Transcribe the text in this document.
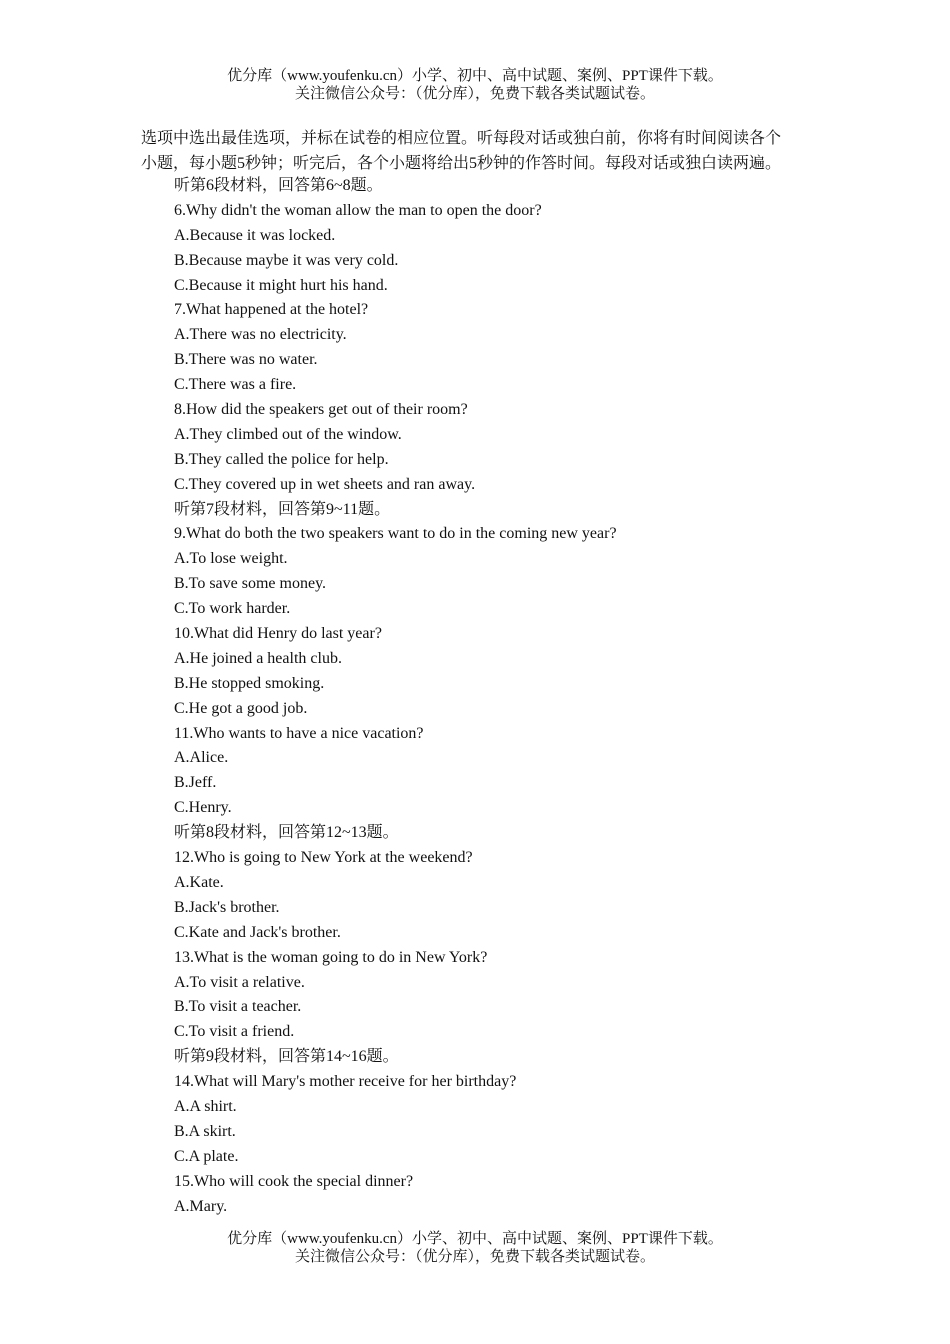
优分库（www.youfenku.cn）小学、初中、高中试题、案例、PPT课件下载。
关注微信公众号：（优分库），免费下载各类试题试卷。

选项中选出最佳选项，并标在试卷的相应位置。听每段对话或独白前，你将有时间阅读各个

小题，每小题5秒钟；听完后，各个小题将给出5秒钟的作答时间。每段对话或独白读两遍。

听第6段材料，回答第6~8题。
6.Why didn't the woman allow the man to open the door?
A.Because it was locked.
B.Because maybe it was very cold.
C.Because it might hurt his hand.
7.What happened at the hotel?
A.There was no electricity.
B.There was no water.
C.There was a fire.
8.How did the speakers get out of their room?
A.They climbed out of the window.
B.They called the police for help.
C.They covered up in wet sheets and ran away.
听第7段材料，回答第9~11题。
9.What do both the two speakers want to do in the coming new year?
A.To lose weight.
B.To save some money.
C.To work harder.
10.What did Henry do last year?
A.He joined a health club.
B.He stopped smoking.
C.He got a good job.
11.Who wants to have a nice vacation?
A.Alice.
B.Jeff.
C.Henry.
听第8段材料，回答第12~13题。
12.Who is going to New York at the weekend?
A.Kate.
B.Jack's brother.
C.Kate and Jack's brother.
13.What is the woman going to do in New York?
A.To visit a relative.
B.To visit a teacher.
C.To visit a friend.
听第9段材料，回答第14~16题。
14.What will Mary's mother receive for her birthday?
A.A shirt.
B.A skirt.
C.A plate.
15.Who will cook the special dinner?
A.Mary.
优分库（www.youfenku.cn）小学、初中、高中试题、案例、PPT课件下载。
关注微信公众号：（优分库），免费下载各类试题试卷。
